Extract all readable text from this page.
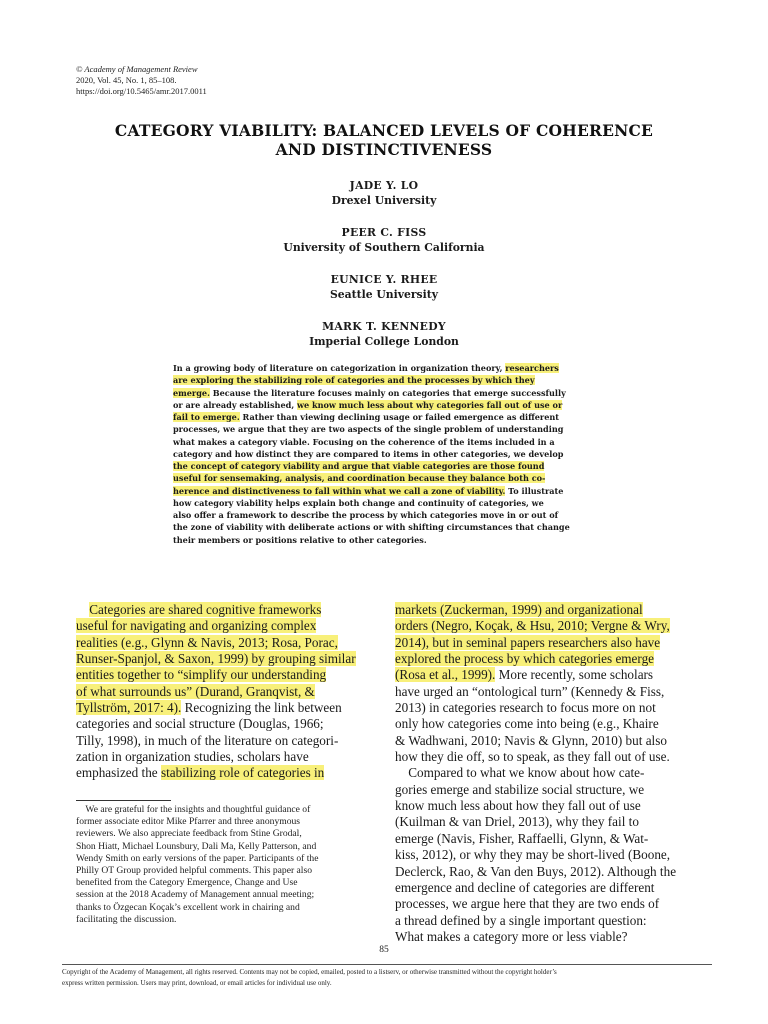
© Academy of Management Review
2020, Vol. 45, No. 1, 85–108.
https://doi.org/10.5465/amr.2017.0011
CATEGORY VIABILITY: BALANCED LEVELS OF COHERENCE
AND DISTINCTIVENESS
JADE Y. LO
Drexel University
PEER C. FISS
University of Southern California
EUNICE Y. RHEE
Seattle University
MARK T. KENNEDY
Imperial College London
In a growing body of literature on categorization in organization theory, researchers
are exploring the stabilizing role of categories and the processes by which they
emerge. Because the literature focuses mainly on categories that emerge successfully
or are already established, we know much less about why categories fall out of use or
fail to emerge. Rather than viewing declining usage or failed emergence as different
processes, we argue that they are two aspects of the single problem of understanding
what makes a category viable. Focusing on the coherence of the items included in a
category and how distinct they are compared to items in other categories, we develop
the concept of category viability and argue that viable categories are those found
useful for sensemaking, analysis, and coordination because they balance both co-
herence and distinctiveness to fall within what we call a zone of viability. To illustrate
how category viability helps explain both change and continuity of categories, we
also offer a framework to describe the process by which categories move in or out of
the zone of viability with deliberate actions or with shifting circumstances that change
their members or positions relative to other categories.
Categories are shared cognitive frameworks
useful for navigating and organizing complex
realities (e.g., Glynn & Navis, 2013; Rosa, Porac,
Runser-Spanjol, & Saxon, 1999) by grouping similar
entities together to “simplify our understanding
of what surrounds us” (Durand, Granqvist, &
Tyllström, 2017: 4). Recognizing the link between
categories and social structure (Douglas, 1966;
Tilly, 1998), in much of the literature on categori-
zation in organization studies, scholars have
emphasized the stabilizing role of categories in
markets (Zuckerman, 1999) and organizational
orders (Negro, Koçak, & Hsu, 2010; Vergne & Wry,
2014), but in seminal papers researchers also have
explored the process by which categories emerge
(Rosa et al., 1999). More recently, some scholars
have urged an “ontological turn” (Kennedy & Fiss,
2013) in categories research to focus more on not
only how categories come into being (e.g., Khaire
& Wadhwani, 2010; Navis & Glynn, 2010) but also
how they die off, so to speak, as they fall out of use.
Compared to what we know about how cate-
gories emerge and stabilize social structure, we
know much less about how they fall out of use
(Kuilman & van Driel, 2013), why they fail to
emerge (Navis, Fisher, Raffaelli, Glynn, & Wat-
kiss, 2012), or why they may be short-lived (Boone,
Declerck, Rao, & Van den Buys, 2012). Although the
emergence and decline of categories are different
processes, we argue here that they are two ends of
a thread defined by a single important question:
What makes a category more or less viable?
We are grateful for the insights and thoughtful guidance of
former associate editor Mike Pfarrer and three anonymous
reviewers. We also appreciate feedback from Stine Grodal,
Shon Hiatt, Michael Lounsbury, Dali Ma, Kelly Patterson, and
Wendy Smith on early versions of the paper. Participants of the
Philly OT Group provided helpful comments. This paper also
benefited from the Category Emergence, Change and Use
session at the 2018 Academy of Management annual meeting;
thanks to Özgecan Koçak’s excellent work in chairing and
facilitating the discussion.
85
Copyright of the Academy of Management, all rights reserved. Contents may not be copied, emailed, posted to a listserv, or otherwise transmitted without the copyright holder’s
express written permission. Users may print, download, or email articles for individual use only.
